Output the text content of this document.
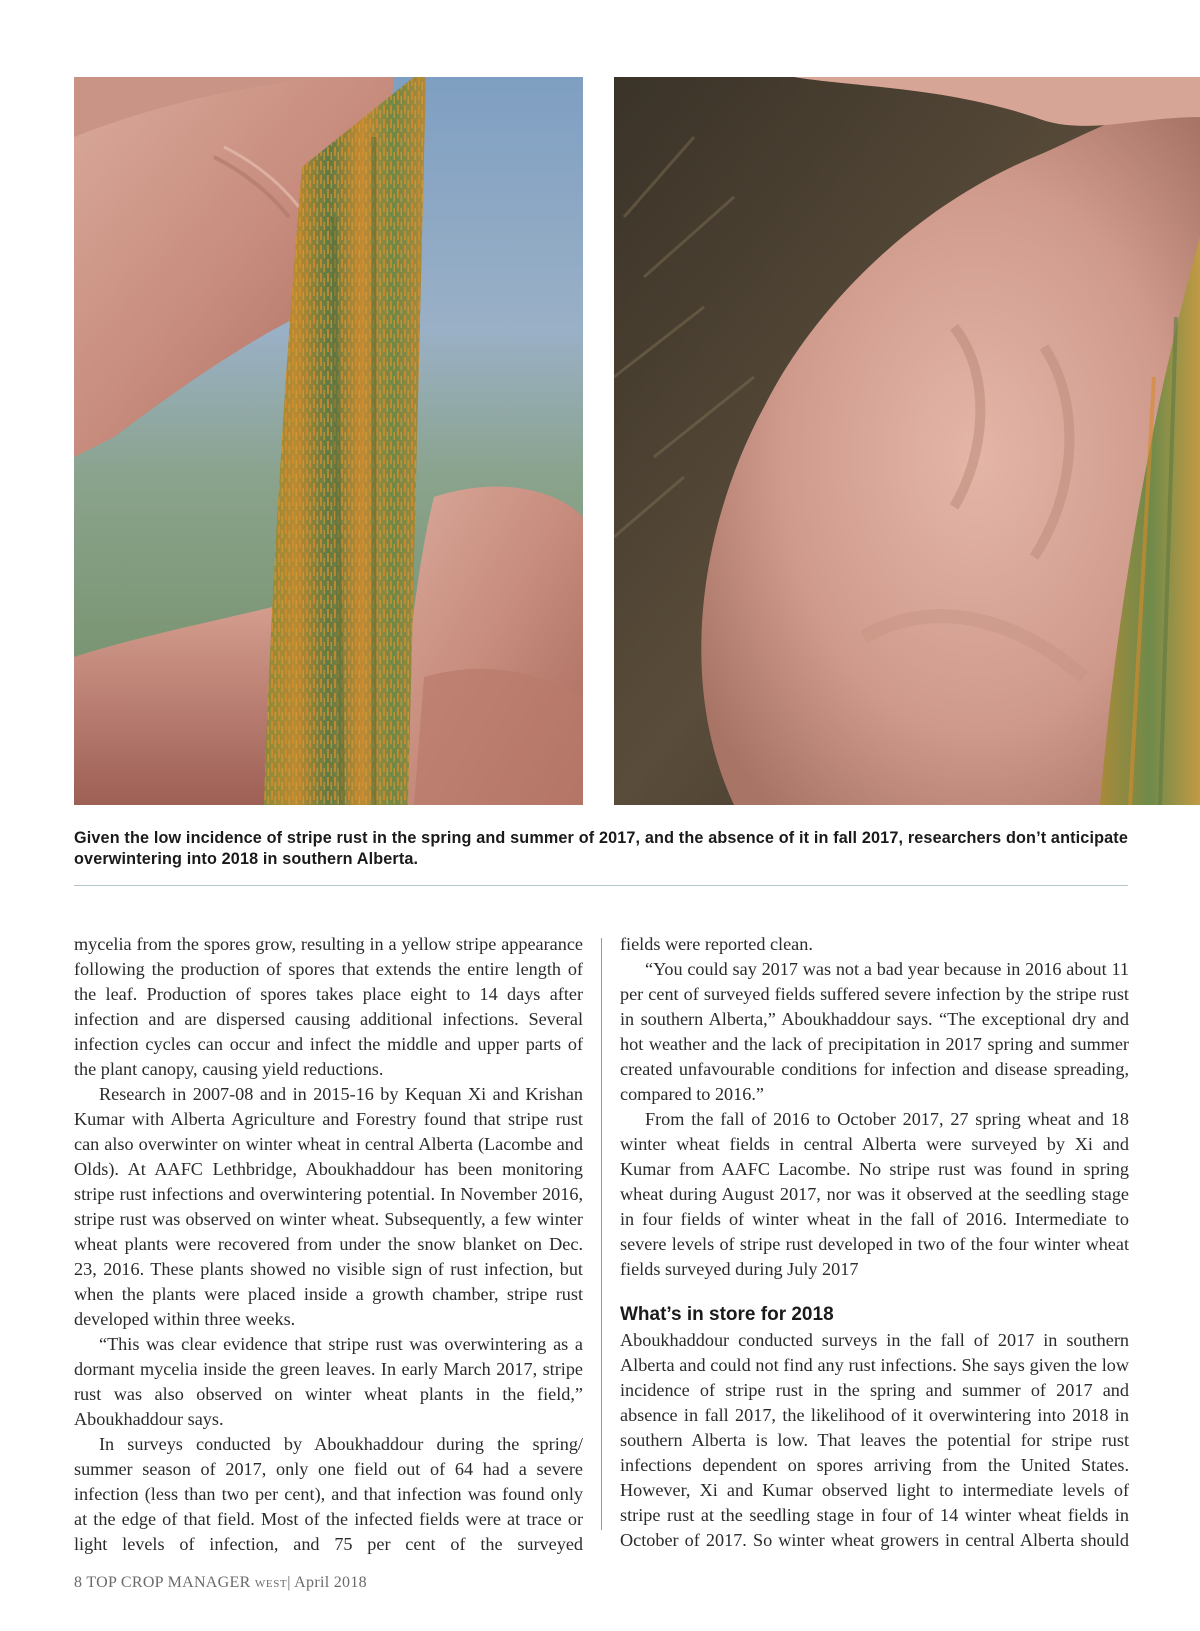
Given the low incidence of stripe rust in the spring and summer of 2017, and the absence of it in fall 2017, researchers don’t anticipate overwintering into 2018 in southern Alberta.

mycelia from the spores grow, resulting in a yellow stripe appearance following the production of spores that extends the entire length of the leaf. Production of spores takes place eight to 14 days after infection and are dispersed causing additional infections. Several infection cycles can occur and infect the middle and upper parts of the plant canopy, causing yield reductions.

Research in 2007-08 and in 2015-16 by Kequan Xi and Krishan Kumar with Alberta Agriculture and Forestry found that stripe rust can also overwinter on winter wheat in central Alberta (Lacombe and Olds). At AAFC Lethbridge, Aboukhaddour has been monitoring stripe rust infections and overwintering potential. In November 2016, stripe rust was observed on winter wheat. Subsequently, a few winter wheat plants were recovered from under the snow blanket on Dec. 23, 2016. These plants showed no visible sign of rust infection, but when the plants were placed inside a growth chamber, stripe rust developed within three weeks.

“This was clear evidence that stripe rust was overwintering as a dormant mycelia inside the green leaves. In early March 2017, stripe rust was also observed on winter wheat plants in the field,” Aboukhaddour says.

In surveys conducted by Aboukhaddour during the spring/ summer season of 2017, only one field out of 64 had a severe infection (less than two per cent), and that infection was found only at the edge of that field. Most of the infected fields were at trace or light levels of infection, and 75 per cent of the surveyed

fields were reported clean.

“You could say 2017 was not a bad year because in 2016 about 11 per cent of surveyed fields suffered severe infection by the stripe rust in southern Alberta,” Aboukhaddour says. “The exceptional dry and hot weather and the lack of precipitation in 2017 spring and summer created unfavourable conditions for infection and disease spreading, compared to 2016.”

From the fall of 2016 to October 2017, 27 spring wheat and 18 winter wheat fields in central Alberta were surveyed by Xi and Kumar from AAFC Lacombe. No stripe rust was found in spring wheat during August 2017, nor was it observed at the seedling stage in four fields of winter wheat in the fall of 2016. Intermediate to severe levels of stripe rust developed in two of the four winter wheat fields surveyed during July 2017

What’s in store for 2018

Aboukhaddour conducted surveys in the fall of 2017 in southern Alberta and could not find any rust infections. She says given the low incidence of stripe rust in the spring and summer of 2017 and absence in fall 2017, the likelihood of it overwintering into 2018 in southern Alberta is low. That leaves the potential for stripe rust infections dependent on spores arriving from the United States. However, Xi and Kumar observed light to intermediate levels of stripe rust at the seedling stage in four of 14 winter wheat fields in October of 2017. So winter wheat growers in central Alberta should

8 TOP CROP MANAGER WEST| April 2018
